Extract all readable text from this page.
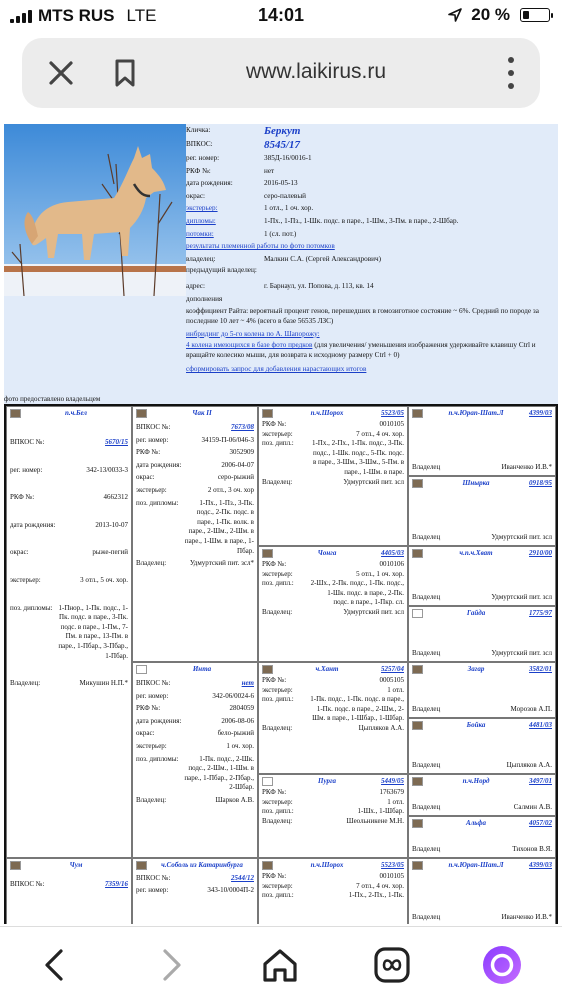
MTS RUS LTE	14:01	20 %
www.laikirus.ru
Кличка:	Беркут
ВПКОС:	8545/17
рег. номер:	385Д-16/0016-1
РКФ №:	нет
дата рождения:	2016-05-13
окрас:	серо-палевый
экстерьер:	1 отл., 1 оч. хор.
дипломы:	1-Пх., 1-Пз., 1-Шк. подс. в паре., 1-Шм., 3-Пм. в паре., 2-Шбар.
потомки:	1 (сл. пот.)
результаты племенной работы по фото потомков
владелец:	Малкин С.А. (Сергей Александрович)
предыдущий владелец:
адрес:	г. Барнаул, ул. Попова, д. 113, кв. 14
дополнения
коэффициент Райта: вероятный процент генов, перешедших в гомозиготное состояние ~ 6%. Средний по породе за последние 10 лет ~ 4% (всего в базе 56535 ЛЗС)
инбридинг до 5-го колена по А. Шапорожу:
4 колена имеющихся в базе фото предков (для увеличения/ уменьшения изображения удерживайте клавишу Ctrl и вращайте колесико мыши, для возврата к исходному размеру Ctrl + 0)
сформировать запрос для добавления нарастающих итогов
фото предоставлено владельцем
п.ч.Бел
ВПКОС №:	5670/15
рег. номер:	342-13/0033-3
РКФ №:	4662312
дата рождения:	2013-10-07
окрас:	рыже-пегий
экстерьер:	3 отл., 5 оч. хор.
поз. дипломы: 1-Пнор., 1-Пк. подс., 1-Пк. подс. в паре., 3-Пк. подс. в паре., 1-Пм., 7-Пм. в паре., 13-Пм. в паре., 1-Пбар., 3-Пбар., 1-Пбар.
Владелец:	Микушин Н.П.*
Чак II
ВПКОС №:	7673/08
рег. номер:	34159-П-06/046-3
РКФ №:	3052909
дата рождения:	2006-04-07
окрас:	серо-рыжий
экстерьер:	2 отл., 3 оч. хор
поз. дипломы:	1-Пх., 1-Пз., 3-Пк. подс., 2-Пк. подс. в паре., 1-Пк. волк. в паре., 2-Шм., 2-Шм. в паре., 1-Шм. в паре., 1-Пбар.
Владелец:	Удмуртский пит. зсл*
Инта
ВПКОС №:	нет
рег. номер:	342-06/0024-6
РКФ №:	2804059
дата рождения:	2006-08-06
окрас:	бело-рыжий
экстерьер:	1 оч. хор.
поз. дипломы:	1-Пк. подс., 2-Шк. подс., 2-Шм., 1-Шм. в паре., 1-Пбар., 2-Пбар., 2-Шбар.
Владелец:	Шарков А.В.
п.ч.Шорох	5523/05
РКФ №:	0010105
экстерьер:	7 отл., 4 оч. хор.
поз. дипл.:	1-Пх., 2-Пх., 1-Пк. подс., 3-Пк. подс., 1-Шк. подс., 5-Пк. подс. в паре., 3-Шм., 3-Шм., 5-Пм. в паре., 1-Шм. в паре.
Владелец:	Удмуртский пит. зсл
Чонга	4405/03
РКФ №:	0010106
экстерьер:	5 отл., 1 оч. хор.
поз. дипл.:	2-Шх., 2-Пк. подс., 1-Пк. подс., 1-Шк. подс. в паре., 2-Пк. подс. в паре., 1-Пкр. сл.
Владелец:	Удмуртский пит. зсл
ч.Хант	5257/04
РКФ №:	0005105
экстерьер:	1 отл.
поз. дипл.:	1-Пк. подс., 1-Пк. подс. в паре., 1-Пк. подс. в паре., 2-Шм., 2-Шм. в паре., 1-Шбар., 1-Шбар.
Владелец:	Цыпляков А.А.
Пурга	5449/05
РКФ №:	1763679
экстерьер:	1 отл.
поз. дипл.:	1-Шх., 1-Шбар.
Владелец:	Шеольникене М.Н.
п.ч.Юрап-Шат.Л	4399/03
Владелец	Иванченко И.В.*
Шнырка	0918/95
Владелец	Удмуртский пит. зсл
ч.п.ч.Хват	2910/00
Владелец	Удмуртский пит. зсл
Гайда	1775/97
Владелец	Удмуртский пит. зсл
Загар	3582/01
Владелец	Морозов А.П.
Бойка	4481/03
Владелец	Цыпляков А.А.
п.ч.Норд	3497/01
Владелец	Салмин А.В.
Альфа	4057/02
Владелец	Тихонов В.Я.
Чум
ВПКОС №:	7359/16
ч.Соболь из Катаринбурга
ВПКОС №:	2544/12
рег. номер:	343-10/0004П-2
п.ч.Шорох	5523/05
РКФ №:	0010105
экстерьер:	7 отл., 4 оч. хор.
поз. дипл.:	1-Пх., 2-Пх., 1-Пк.
п.ч.Юрап-Шат.Л	4399/03
Владелец	Иванченко И.В.*
